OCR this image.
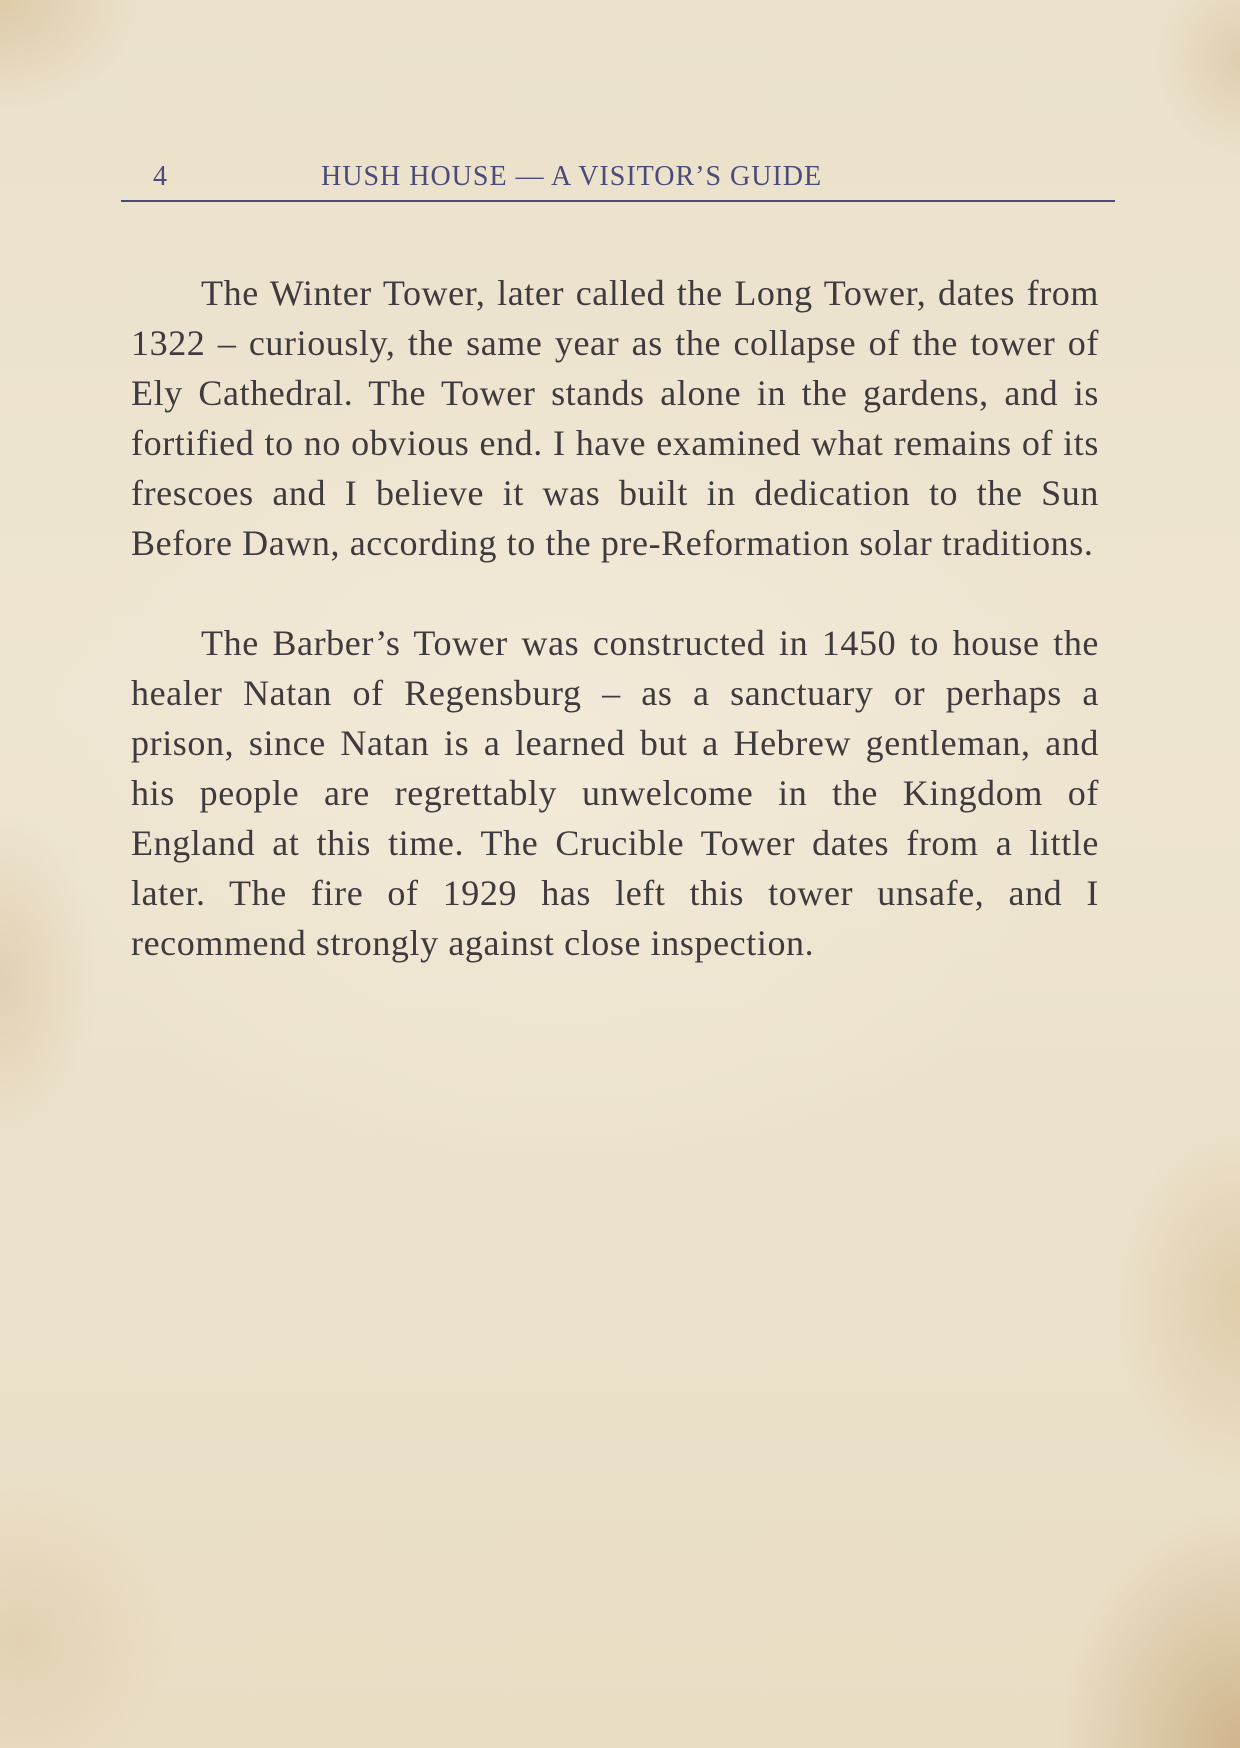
4	HUSH HOUSE — A VISITOR’S GUIDE

The Winter Tower, later called the Long Tower, dates from 1322 – curiously, the same year as the collapse of the tower of Ely Cathedral. The Tower stands alone in the gardens, and is fortified to no obvious end. I have examined what remains of its frescoes and I believe it was built in dedication to the Sun Before Dawn, according to the pre-Reformation solar traditions.

The Barber’s Tower was constructed in 1450 to house the healer Natan of Regensburg – as a sanctuary or perhaps a prison, since Natan is a learned but a Hebrew gentleman, and his people are regrettably unwelcome in the Kingdom of England at this time. The Crucible Tower dates from a little later. The fire of 1929 has left this tower unsafe, and I recommend strongly against close inspection.
